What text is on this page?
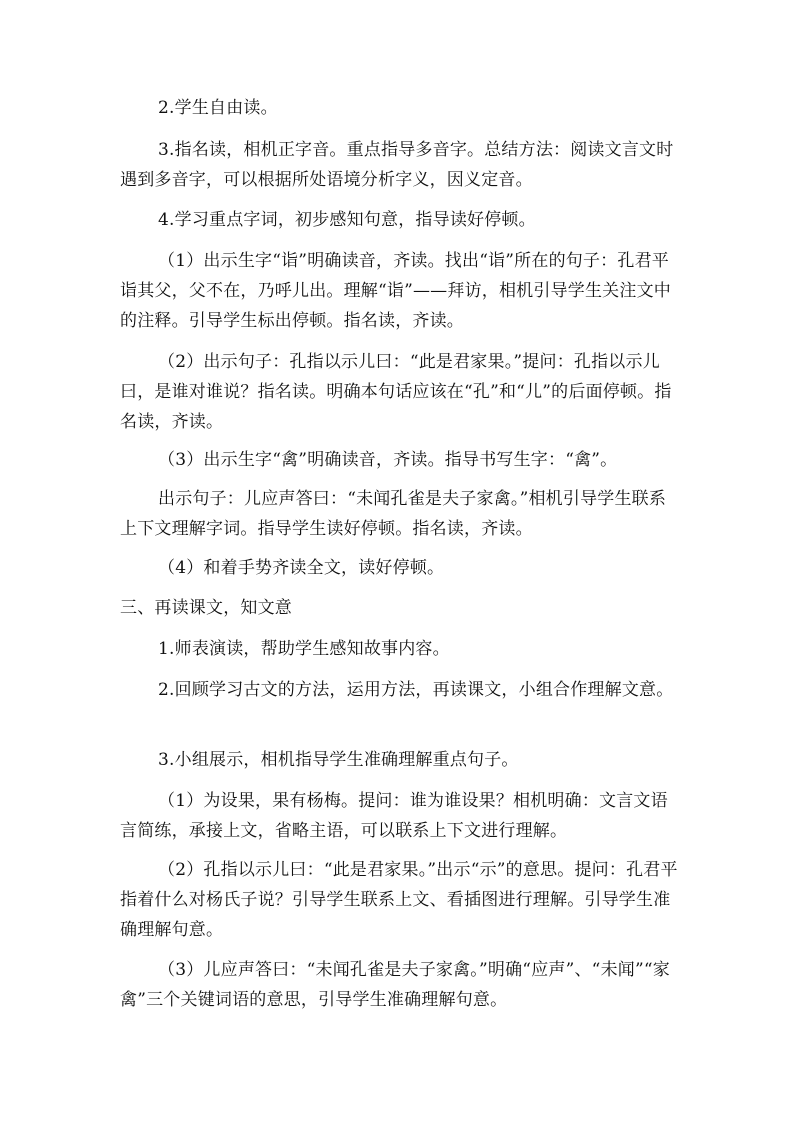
2.学生自由读。

3.指名读，相机正字音。重点指导多音字。总结方法：阅读文言文时遇到多音字，可以根据所处语境分析字义，因义定音。

4.学习重点字词，初步感知句意，指导读好停顿。

（1）出示生字“诣”明确读音，齐读。找出“诣”所在的句子：孔君平诣其父，父不在，乃呼儿出。理解“诣”——拜访，相机引导学生关注文中的注释。引导学生标出停顿。指名读，齐读。

（2）出示句子：孔指以示儿曰：“此是君家果。”提问：孔指以示儿曰，是谁对谁说？指名读。明确本句话应该在“孔”和“儿”的后面停顿。指名读，齐读。

（3）出示生字“禽”明确读音，齐读。指导书写生字：“禽”。

出示句子：儿应声答曰：“未闻孔雀是夫子家禽。”相机引导学生联系上下文理解字词。指导学生读好停顿。指名读，齐读。

（4）和着手势齐读全文，读好停顿。

三、再读课文，知文意

1.师表演读，帮助学生感知故事内容。

2.回顾学习古文的方法，运用方法，再读课文，小组合作理解文意。

3.小组展示，相机指导学生准确理解重点句子。

（1）为设果，果有杨梅。提问：谁为谁设果？相机明确：文言文语言简练，承接上文，省略主语，可以联系上下文进行理解。

（2）孔指以示儿曰：“此是君家果。”出示“示”的意思。提问：孔君平指着什么对杨氏子说？引导学生联系上文、看插图进行理解。引导学生准确理解句意。

（3）儿应声答曰：“未闻孔雀是夫子家禽。”明确“应声”、“未闻”“家禽”三个关键词语的意思，引导学生准确理解句意。
